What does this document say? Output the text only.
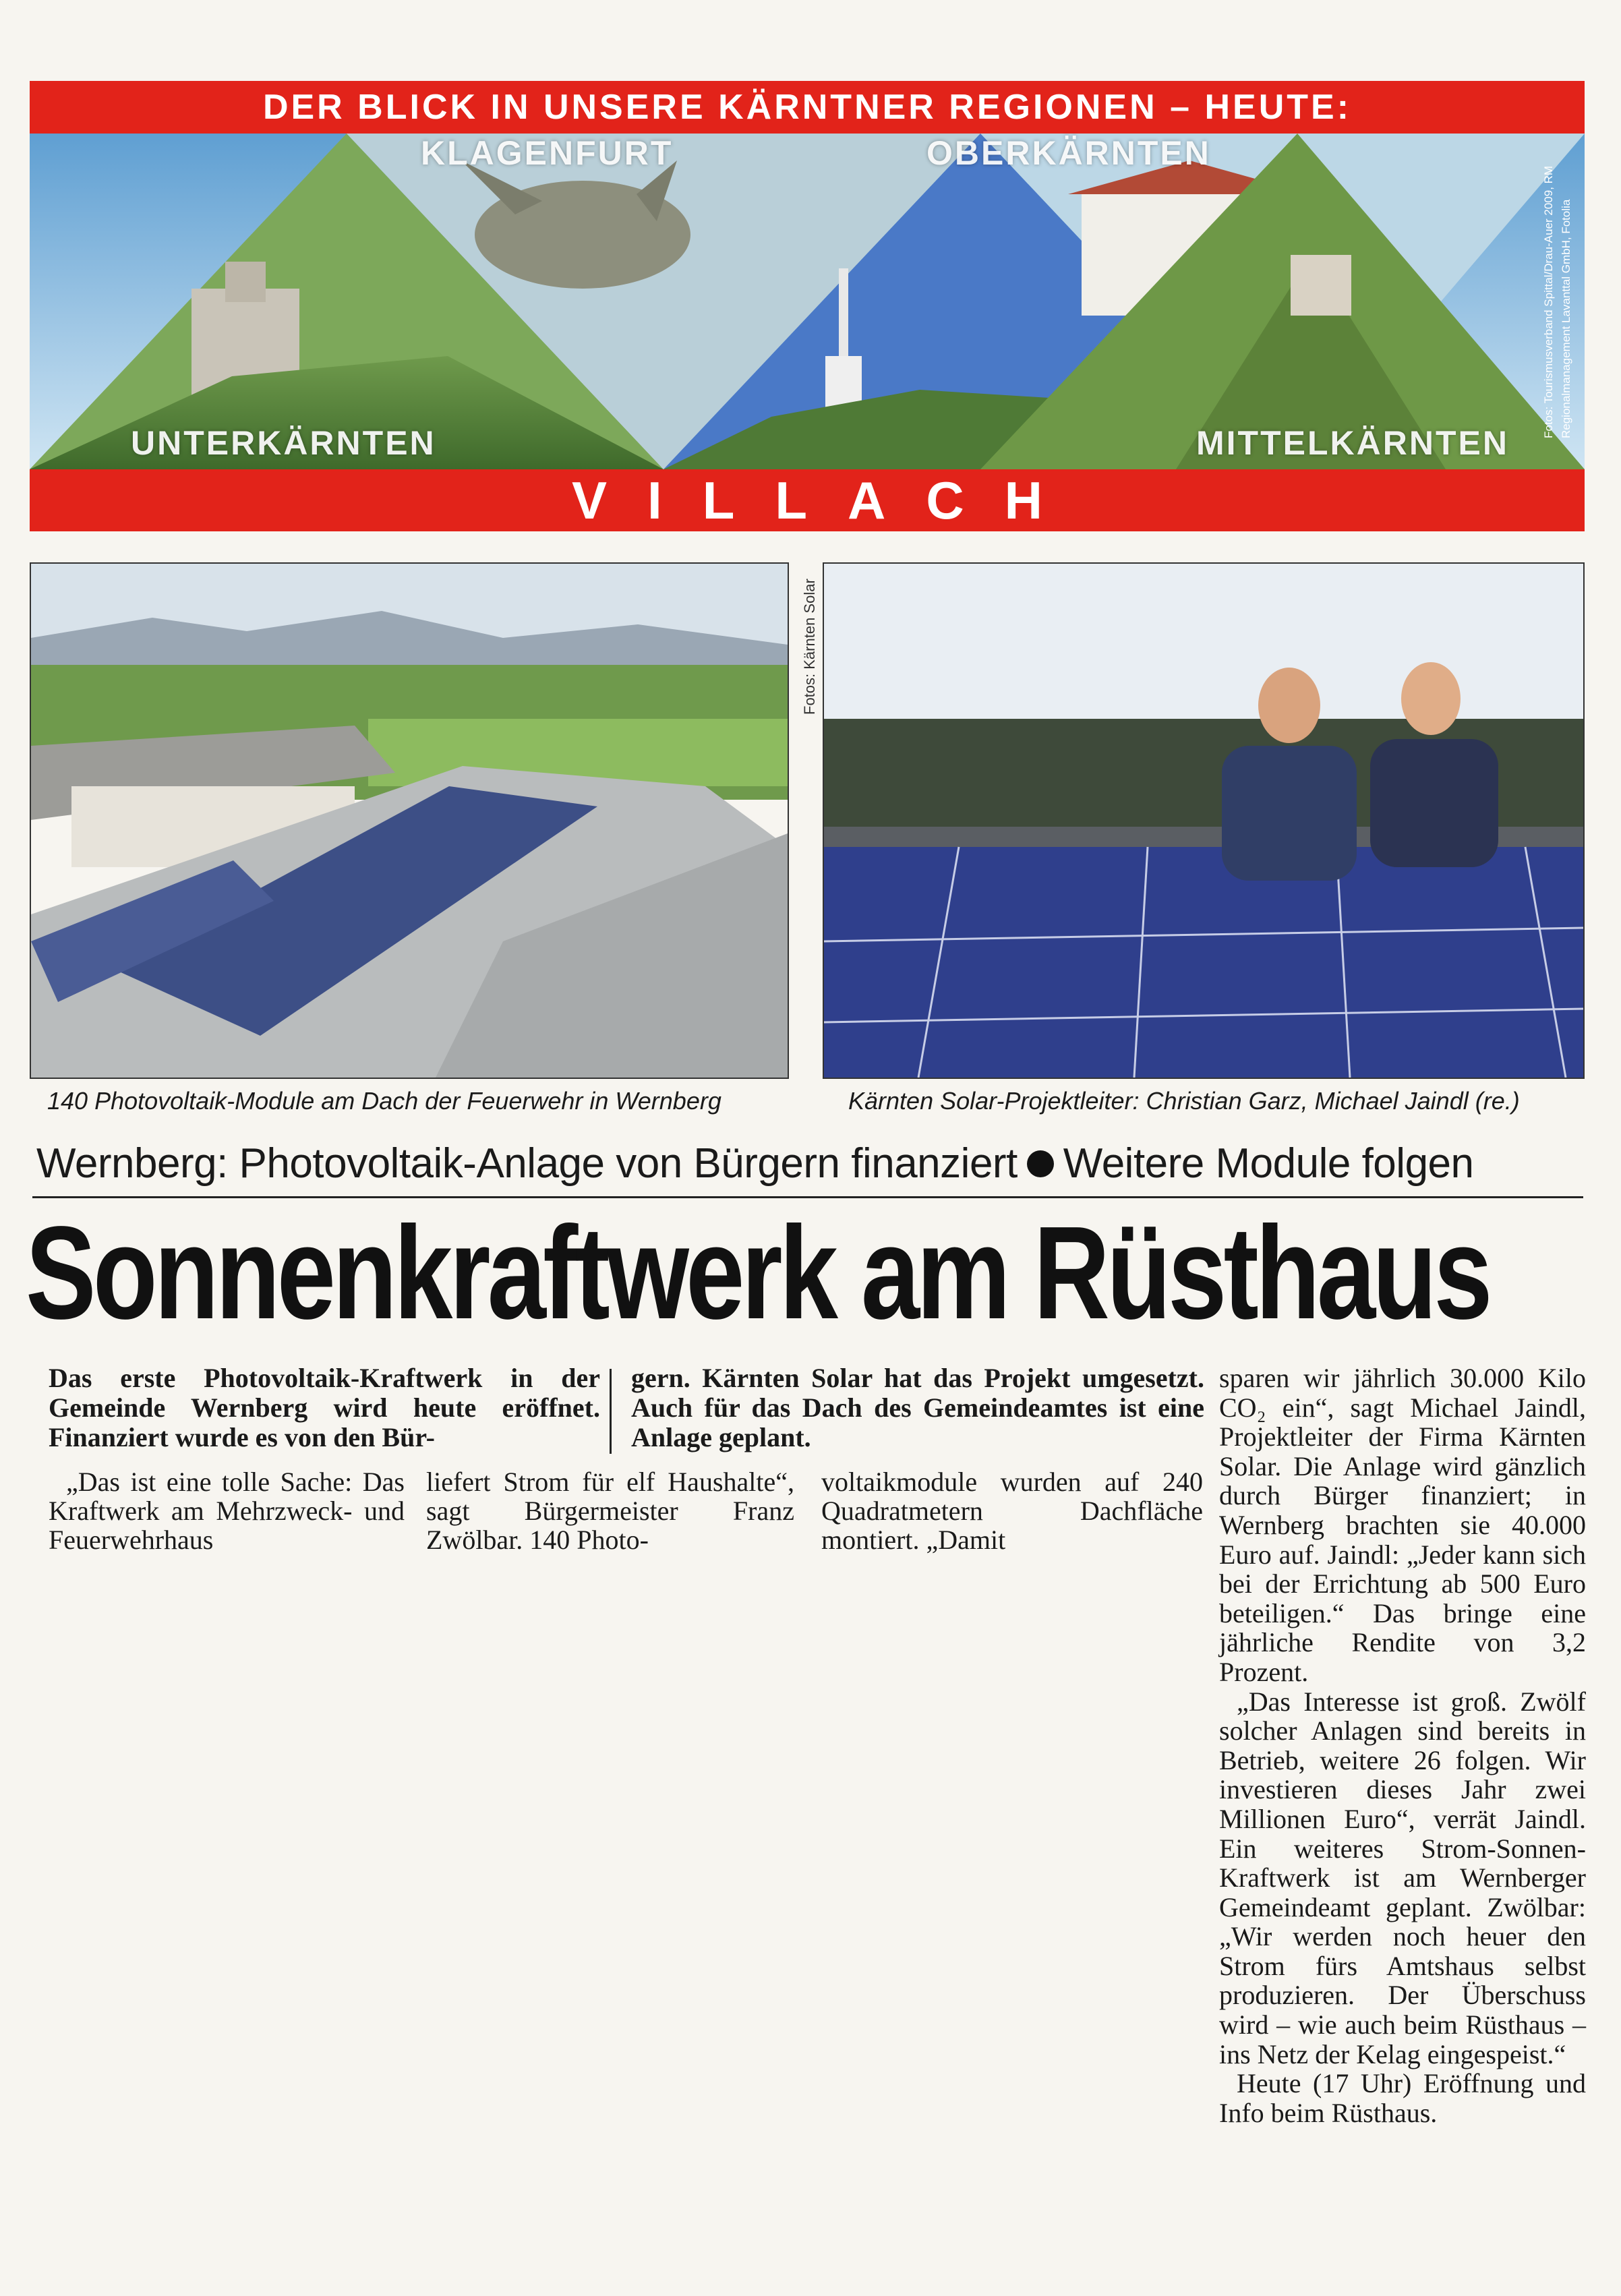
DER BLICK IN UNSERE KÄRNTNER REGIONEN – HEUTE:
KLAGENFURT	OBERKÄRNTEN
UNTERKÄRNTEN	MITTELKÄRNTEN
Fotos: Tourismusverband Spittal/Drau-Auer 2009, RM Regionalmanagement Lavanttal GmbH, Fotolia
VILLACH
Fotos: Kärnten Solar
140 Photovoltaik-Module am Dach der Feuerwehr in Wernberg	Kärnten Solar-Projektleiter: Christian Garz, Michael Jaindl (re.)
Wernberg: Photovoltaik-Anlage von Bürgern finanziert Weitere Module folgen
Sonnenkraftwerk am Rüsthaus
Das erste Photovoltaik-Kraftwerk in der Gemeinde Wernberg wird heute eröffnet. Finanziert wurde es von den Bür-
gern. Kärnten Solar hat das Projekt umgesetzt. Auch für das Dach des Gemeindeamtes ist eine Anlage geplant.

„Das ist eine tolle Sache: Das Kraftwerk am Mehrzweck- und Feuerwehrhaus

liefert Strom für elf Haushalte“, sagt Bürgermeister Franz Zwölbar. 140 Photo-

voltaikmodule wurden auf 240 Quadratmetern Dachfläche montiert. „Damit

sparen wir jährlich 30.000 Kilo CO₂ ein“, sagt Michael Jaindl, Projektleiter der Firma Kärnten Solar. Die Anlage wird gänzlich durch Bürger finanziert; in Wernberg brachten sie 40.000 Euro auf. Jaindl: „Jeder kann sich bei der Errichtung ab 500 Euro beteiligen.“ Das bringe eine jährliche Rendite von 3,2 Prozent.

„Das Interesse ist groß. Zwölf solcher Anlagen sind bereits in Betrieb, weitere 26 folgen. Wir investieren dieses Jahr zwei Millionen Euro“, verrät Jaindl. Ein weiteres Strom-Sonnen-Kraftwerk ist am Wernberger Gemeindeamt geplant. Zwölbar: „Wir werden noch heuer den Strom fürs Amtshaus selbst produzieren. Der Überschuss wird – wie auch beim Rüsthaus – ins Netz der Kelag eingespeist.“

Heute (17 Uhr) Eröffnung und Info beim Rüsthaus.
